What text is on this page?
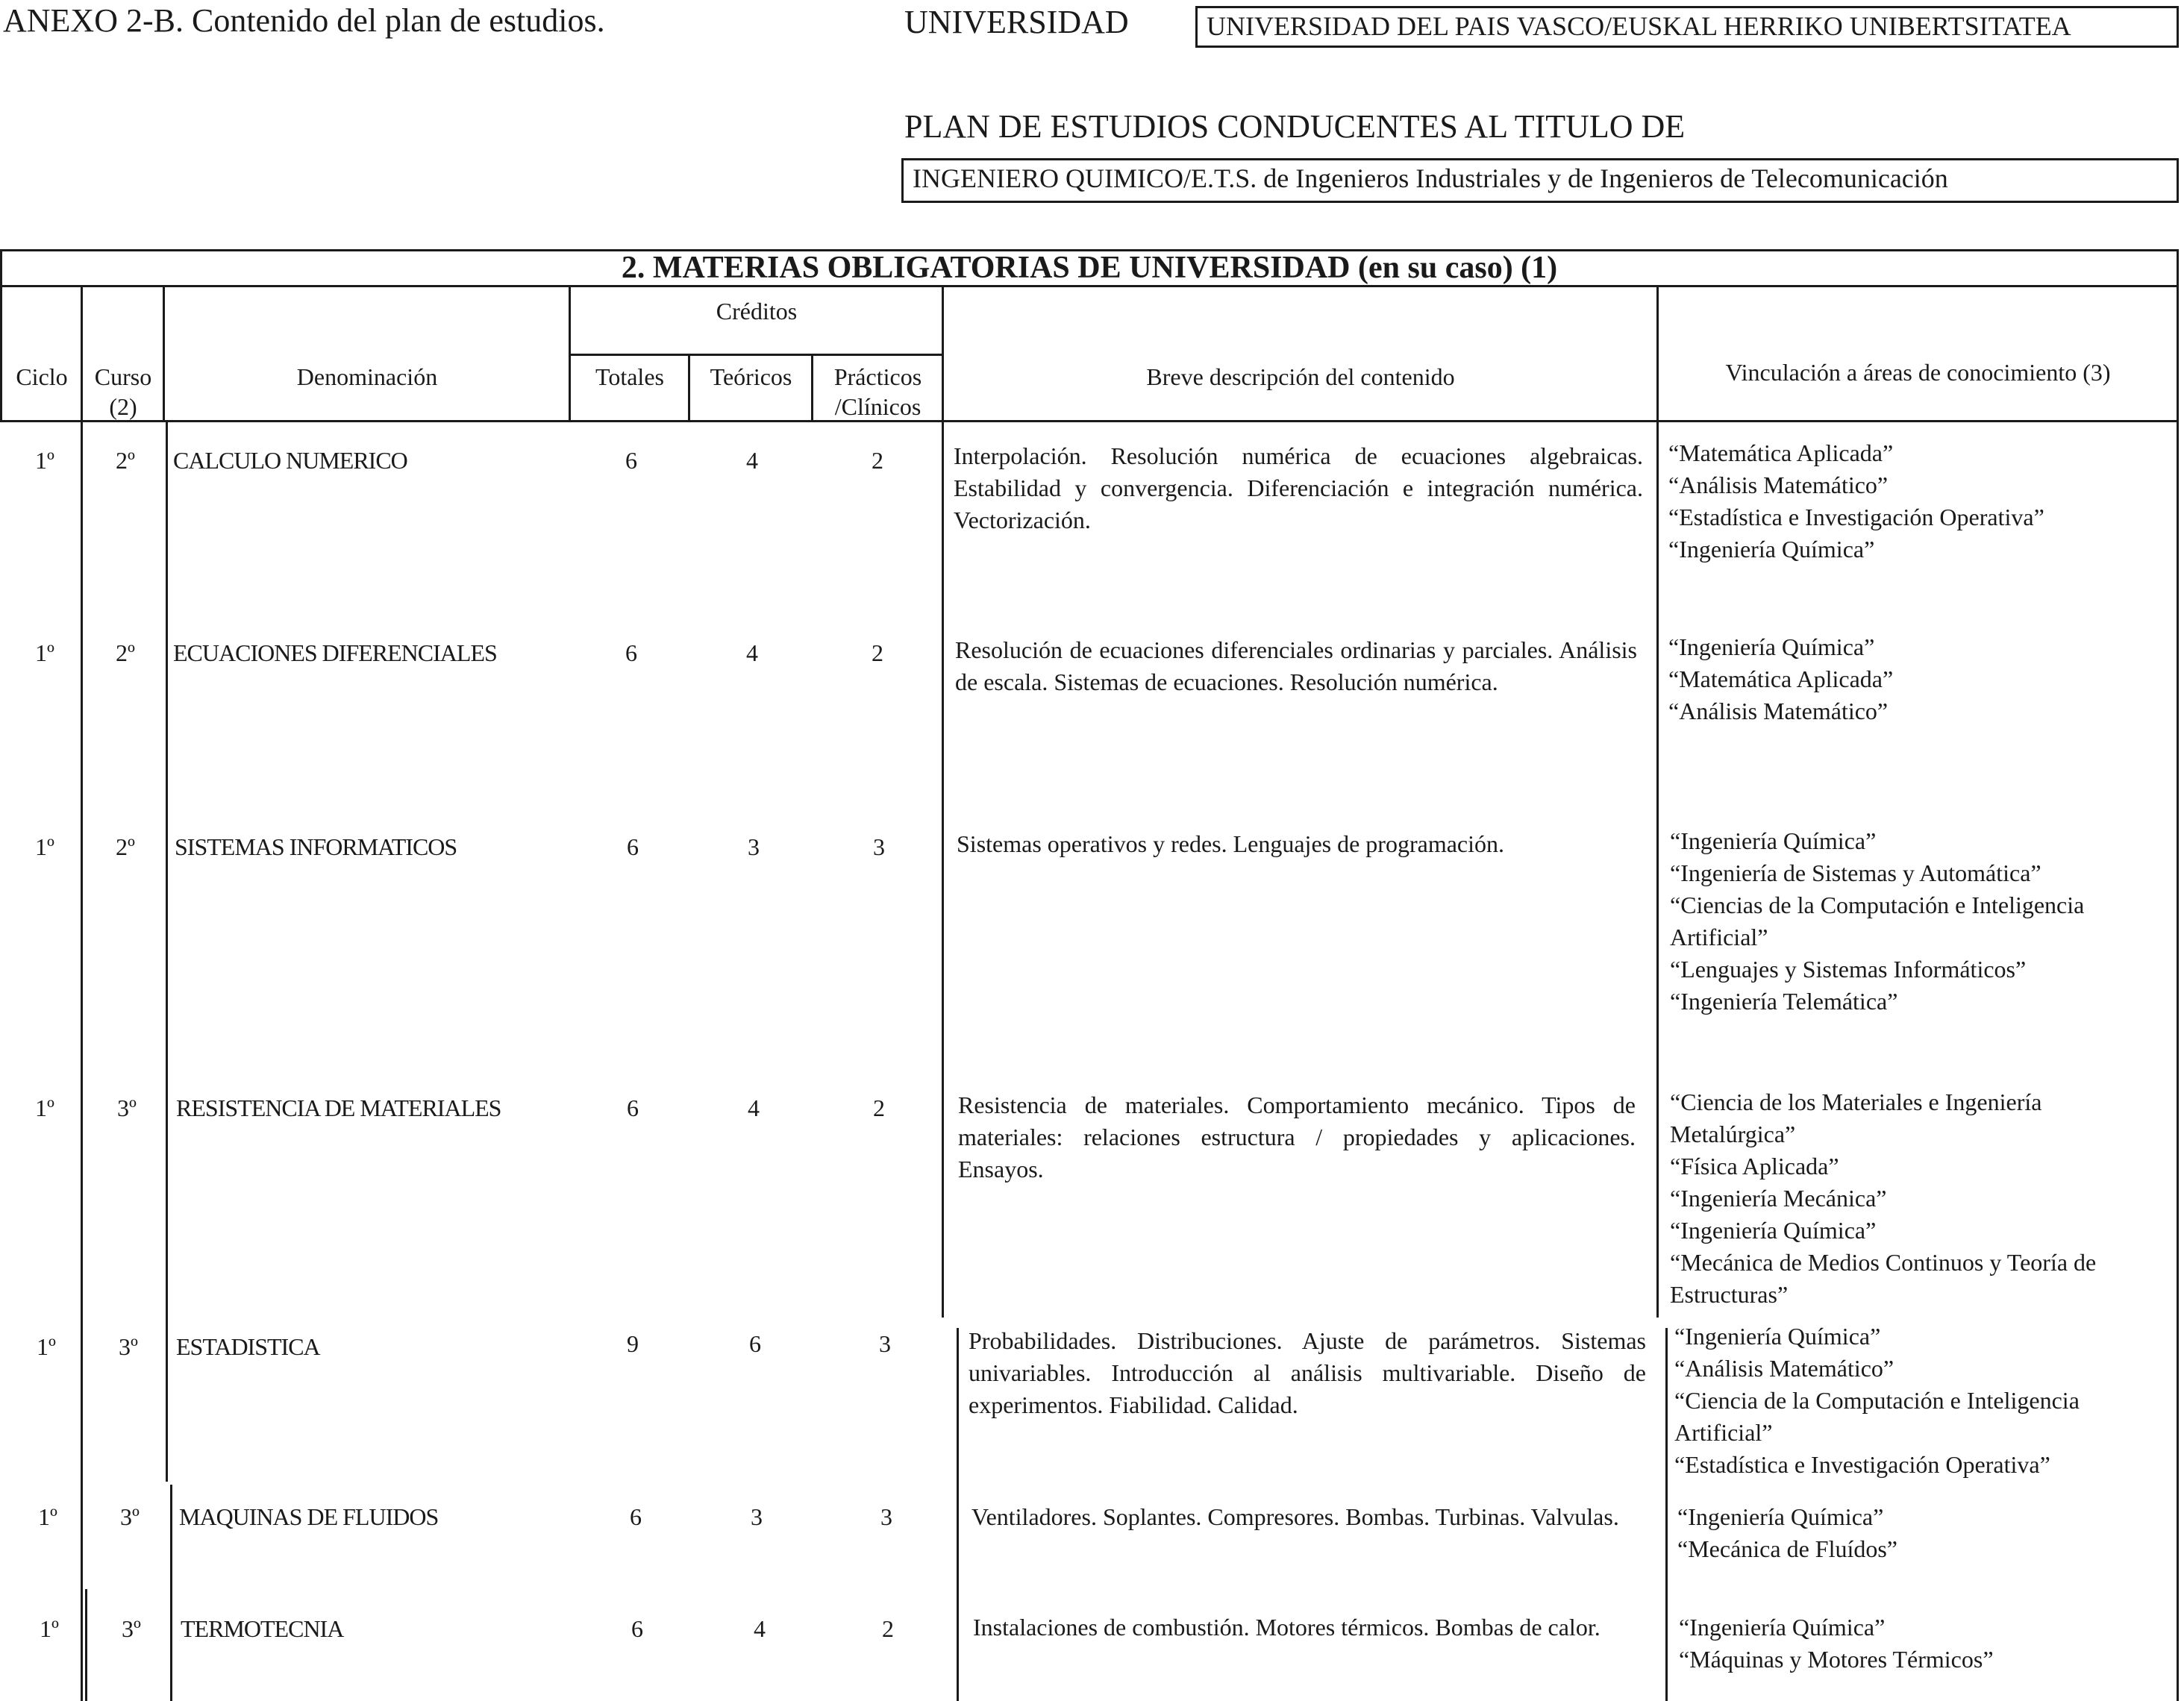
ANEXO 2-B. Contenido del plan de estudios.	UNIVERSIDAD	UNIVERSIDAD DEL PAIS VASCO/EUSKAL HERRIKO UNIBERTSITATEA
PLAN DE ESTUDIOS CONDUCENTES AL TITULO DE
INGENIERO QUIMICO/E.T.S. de Ingenieros Industriales y de Ingenieros de Telecomunicación
2. MATERIAS OBLIGATORIAS DE UNIVERSIDAD (en su caso) (1)
Ciclo	Curso
(2)
Denominación
Créditos
Totales	Teóricos	Prácticos
/Clínicos
Breve descripción del contenido	Vinculación a áreas de conocimiento (3)
1º	2º	CALCULO NUMERICO	6	4	2	Interpolación. Resolución numérica de ecuaciones algebraicas. Estabilidad y convergencia. Diferenciación e integración numérica. Vectorización.
“Matemática Aplicada”
“Análisis Matemático”
“Estadística e Investigación Operativa”
“Ingeniería Química”
1º	2º	ECUACIONES DIFERENCIALES	6	4	2	Resolución de ecuaciones diferenciales ordinarias y parciales. Análisis de escala. Sistemas de ecuaciones. Resolución numérica.
“Ingeniería Química”
“Matemática Aplicada”
“Análisis Matemático”
1º	2º	SISTEMAS INFORMATICOS	6	3	3	Sistemas operativos y redes. Lenguajes de programación.	“Ingeniería Química”
“Ingeniería de Sistemas y Automática”
“Ciencias de la Computación e Inteligencia
Artificial”
“Lenguajes y Sistemas Informáticos”
“Ingeniería Telemática”
1º	3º	RESISTENCIA DE MATERIALES	6	4	2	Resistencia de materiales. Comportamiento mecánico. Tipos de materiales: relaciones estructura / propiedades y aplicaciones. Ensayos.
“Ciencia de los Materiales e Ingeniería
Metalúrgica”
“Física Aplicada”
“Ingeniería Mecánica”
“Ingeniería Química”
“Mecánica de Medios Continuos y Teoría de
Estructuras”
1º	3º	ESTADISTICA	9	6	3	Probabilidades. Distribuciones. Ajuste de parámetros. Sistemas univariables. Introducción al análisis multivariable. Diseño de experimentos. Fiabilidad. Calidad.
“Ingeniería Química”
“Análisis Matemático”
“Ciencia de la Computación e Inteligencia
Artificial”
“Estadística e Investigación Operativa”
1º	3º	MAQUINAS DE FLUIDOS	6	3	3	Ventiladores. Soplantes. Compresores. Bombas. Turbinas. Valvulas.	“Ingeniería Química”
“Mecánica de Fluídos”
1º	3º	TERMOTECNIA	6	4	2	Instalaciones de combustión. Motores térmicos. Bombas de calor.	“Ingeniería Química”
“Máquinas y Motores Térmicos”
